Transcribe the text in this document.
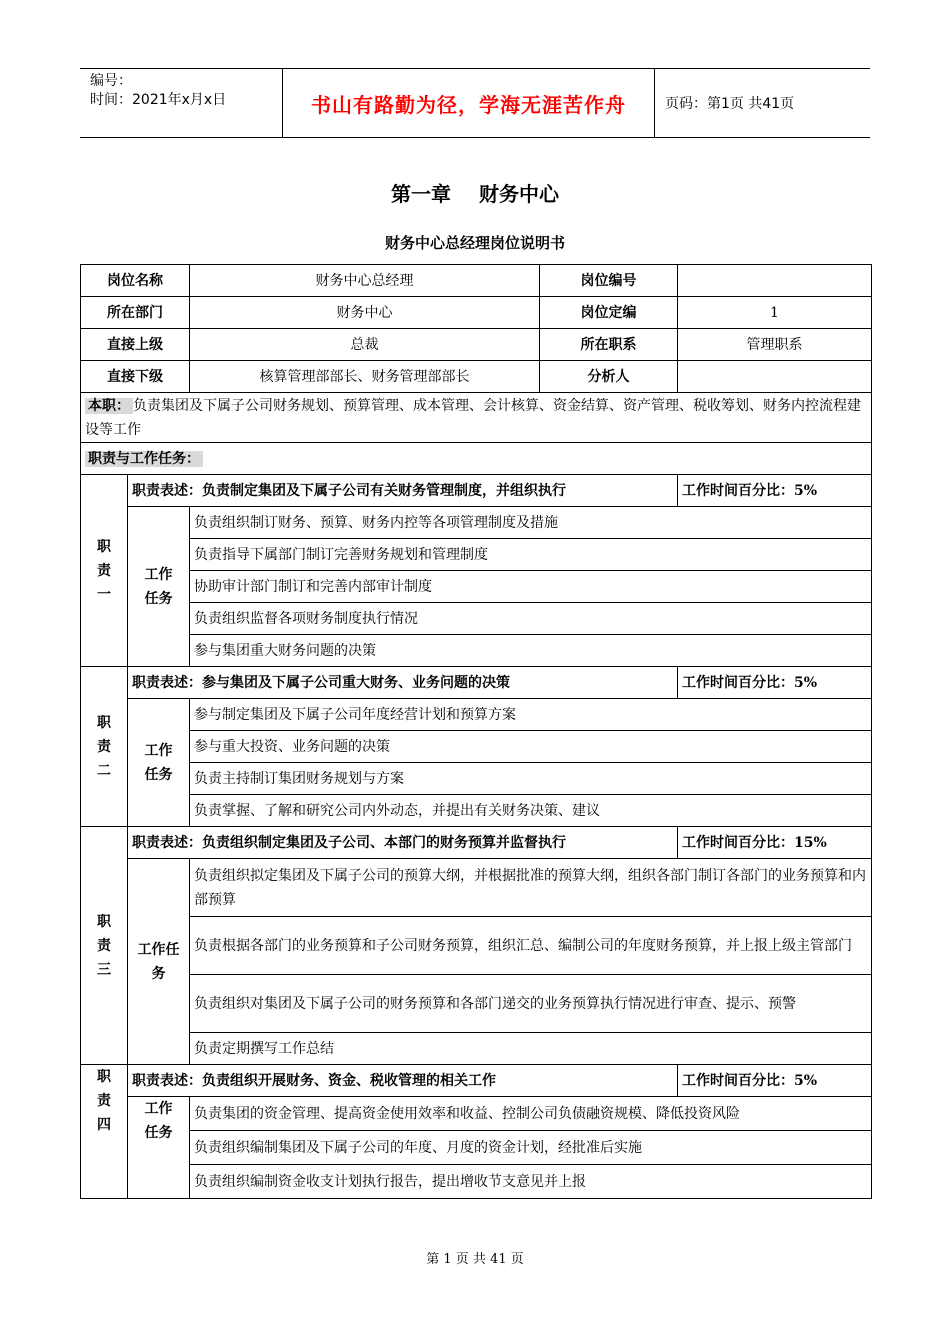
编号：
时间：2021年x月x日	书山有路勤为径，学海无涯苦作舟	页码：第1页 共41页
第一章 财务中心
财务中心总经理岗位说明书
岗位名称		财务中心总经理	岗位编号	
所在部门		财务中心	岗位定编	1
直接上级		总裁	所在职系	管理职系
直接下级		核算管理部部长、财务管理部部长	分析人	
本职： 负责集团及下属子公司财务规划、预算管理、成本管理、会计核算、资金结算、资产管理、税收筹划、财务内控流程建设等工作				
职责与工作任务：				
职责一	职责表述：负责制定集团及下属子公司有关财务管理制度，并组织执行			工作时间百分比：5%
	工作任务	负责组织制订财务、预算、财务内控等各项管理制度及措施		
		负责指导下属部门制订完善财务规划和管理制度		
		协助审计部门制订和完善内部审计制度		
		负责组织监督各项财务制度执行情况		
		参与集团重大财务问题的决策		
职责二	职责表述：参与集团及下属子公司重大财务、业务问题的决策			工作时间百分比：5%
	工作任务	参与制定集团及下属子公司年度经营计划和预算方案		
		参与重大投资、业务问题的决策		
		负责主持制订集团财务规划与方案		
		负责掌握、了解和研究公司内外动态，并提出有关财务决策、建议		
职责三	职责表述：负责组织制定集团及子公司、本部门的财务预算并监督执行			工作时间百分比：15%
	工作任务	负责组织拟定集团及下属子公司的预算大纲，并根据批准的预算大纲，组织各部门制订各部门的业务预算和内部预算		
		负责根据各部门的业务预算和子公司财务预算，组织汇总、编制公司的年度财务预算，并上报上级主管部门		
		负责组织对集团及下属子公司的财务预算和各部门递交的业务预算执行情况进行审查、提示、预警		
		负责定期撰写工作总结		
职责四	职责表述：负责组织开展财务、资金、税收管理的相关工作			工作时间百分比：5%
	工作任务	负责集团的资金管理、提高资金使用效率和收益、控制公司负债融资规模、降低投资风险		
		负责组织编制集团及下属子公司的年度、月度的资金计划，经批准后实施		
		负责组织编制资金收支计划执行报告，提出增收节支意见并上报		
第 1 页 共 41 页
